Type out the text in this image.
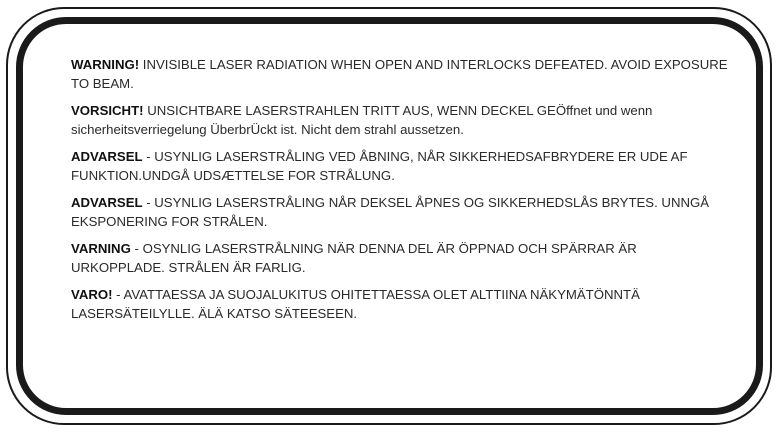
WARNING! INVISIBLE LASER RADIATION WHEN OPEN AND INTERLOCKS DEFEATED. AVOID EXPOSURE TO BEAM.

VORSICHT! UNSICHTBARE LASERSTRAHLEN TRITT AUS, WENN DECKEL GEÖffnet und wenn sicherheitsverriegelung ÜberbrÜckt ist. Nicht dem strahl aussetzen.

ADVARSEL - USYNLIG LASERSTRÅLING VED ÅBNING, NÅR SIKKERHEDSAFBRYDERE ER UDE AF FUNKTION.UNDGÅ UDSÆTTELSE FOR STRÅLUNG.

ADVARSEL - USYNLIG LASERSTRÅLING NÅR DEKSEL ÅPNES OG SIKKERHEDSLÅS BRYTES. UNNGÅ EKSPONERING FOR STRÅLEN.

VARNING - OSYNLIG LASERSTRÅLNING NÄR DENNA DEL ÄR ÖPPNAD OCH SPÄRRAR ÄR URKOPPLADE. STRÅLEN ÄR FARLIG.

VARO! - AVATTAESSA JA SUOJALUKITUS OHITETTAESSA OLET ALTTIINA NÄKYMÄTÖNNTÄ LASERSÄTEILYLLE. ÄLÄ KATSO SÄTEESEEN.
